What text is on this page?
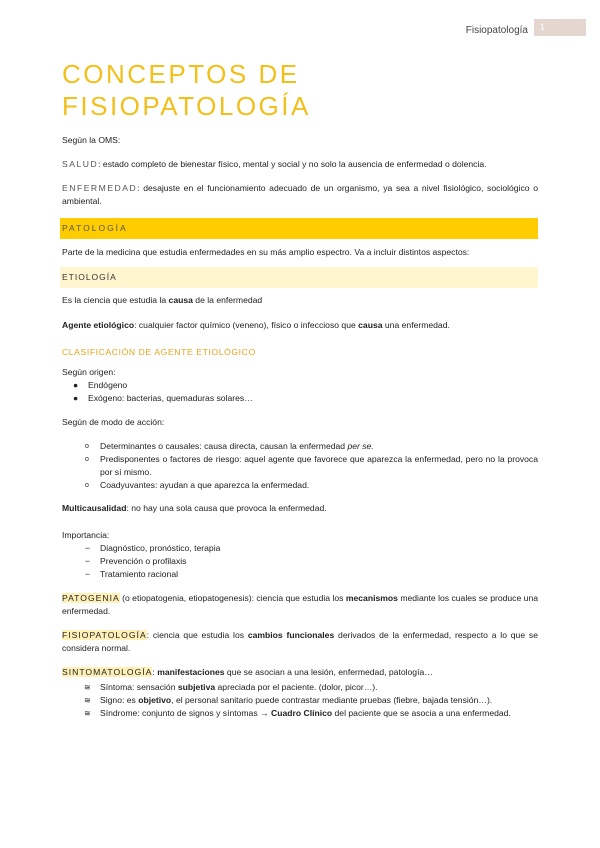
Fisiopatología	1
CONCEPTOS DE
FISIOPATOLOGÍA

Según la OMS:

SALUD: estado completo de bienestar físico, mental y social y no solo la ausencia de enfermedad o dolencia.

ENFERMEDAD: desajuste en el funcionamiento adecuado de un organismo, ya sea a nivel fisiológico, sociológico o ambiental.

PATOLOGÍA

Parte de la medicina que estudia enfermedades en su más amplio espectro. Va a incluir distintos aspectos:

ETIOLOGÍA

Es la ciencia que estudia la causa de la enfermedad

Agente etiológico: cualquier factor químico (veneno), físico o infeccioso que causa una enfermedad.

CLASIFICACIÓN DE AGENTE ETIOLÓGICO

Según origen:

● Endógeno
● Exógeno: bacterias, quemaduras solares…

Según de modo de acción:

o Determinantes o causales: causa directa, causan la enfermedad per se.
o Predisponentes o factores de riesgo: aquel agente que favorece que aparezca la enfermedad, pero no la provoca por sí mismo.
o Coadyuvantes: ayudan a que aparezca la enfermedad.

Multicausalidad: no hay una sola causa que provoca la enfermedad.

Importancia:

− Diagnóstico, pronóstico, terapia
− Prevención o profilaxis
− Tratamiento racional

PATOGENIA (o etiopatogenia, etiopatogenesis): ciencia que estudia los mecanismos mediante los cuales se produce una enfermedad.

FISIOPATOLOGÍA: ciencia que estudia los cambios funcionales derivados de la enfermedad, respecto a lo que se considera normal.

SINTOMATOLOGÍA: manifestaciones que se asocian a una lesión, enfermedad, patología…

≋ Síntoma: sensación subjetiva apreciada por el paciente. (dolor, picor…).
≋ Signo: es objetivo, el personal sanitario puede contrastar mediante pruebas (fiebre, bajada tensión…).
≋ Síndrome: conjunto de signos y síntomas → Cuadro Clínico del paciente que se asocia a una enfermedad.
